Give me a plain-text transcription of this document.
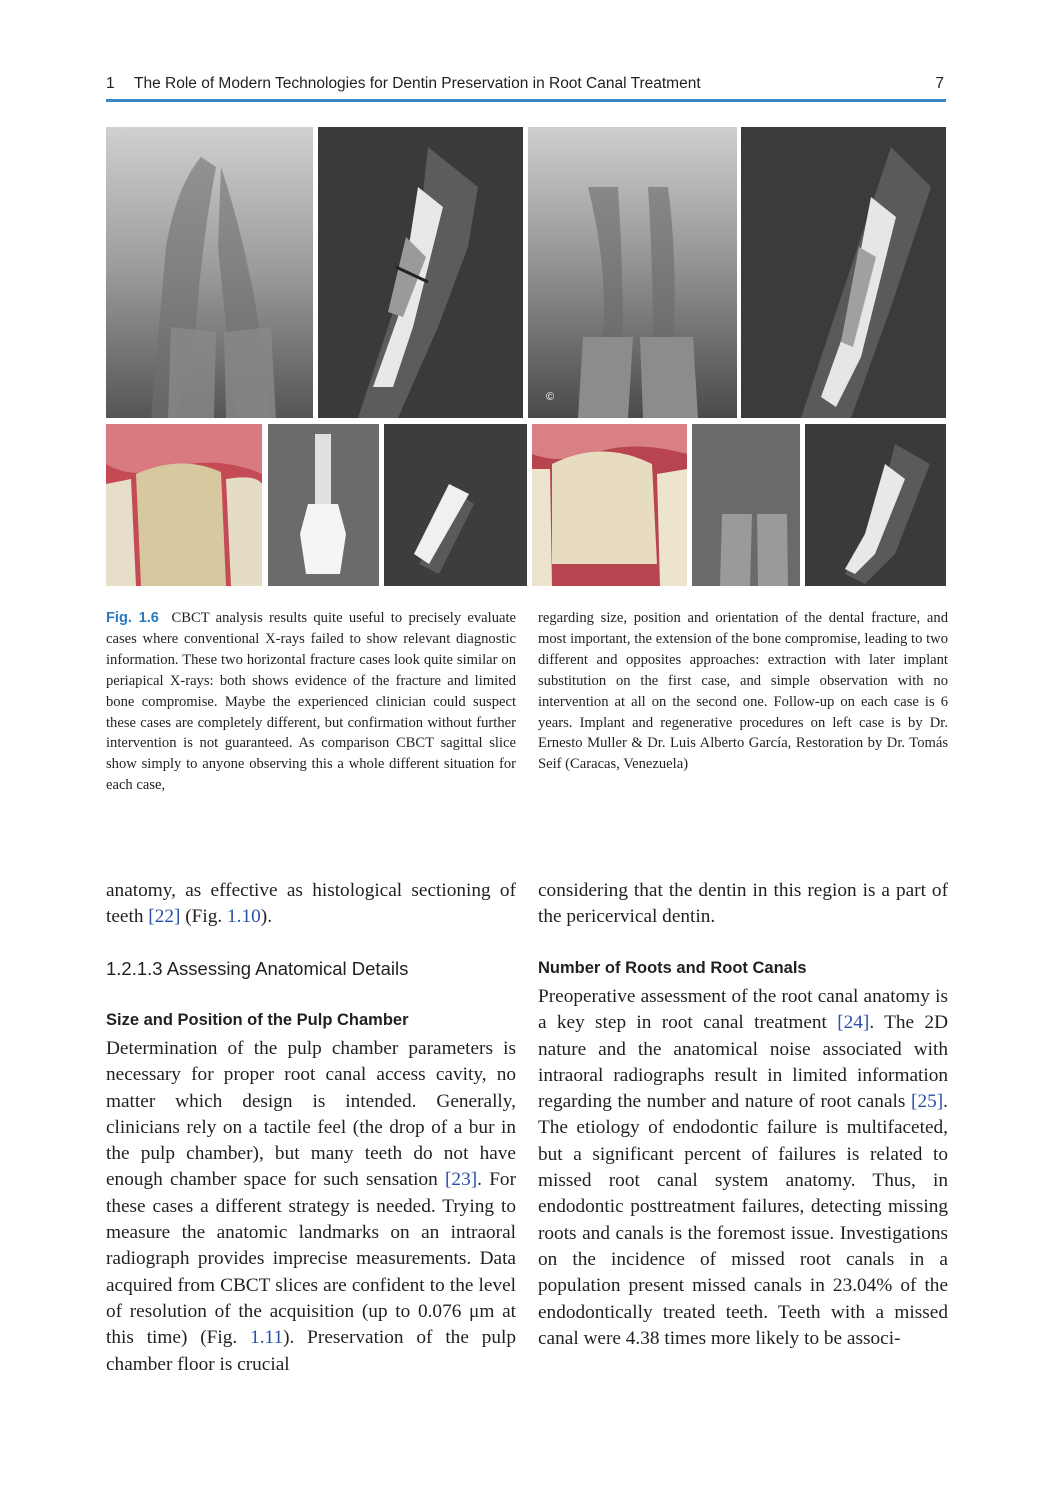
1 The Role of Modern Technologies for Dentin Preservation in Root Canal Treatment	7
©
Fig. 1.6 CBCT analysis results quite useful to precisely evaluate cases where conventional X-rays failed to show relevant diagnostic information. These two horizontal fracture cases look quite similar on periapical X-rays: both shows evidence of the fracture and limited bone compromise. Maybe the experienced clinician could suspect these cases are completely different, but confirmation without further intervention is not guaranteed. As comparison CBCT sagittal slice show simply to anyone observing this a whole different situation for each case,
regarding size, position and orientation of the dental fracture, and most important, the extension of the bone compromise, leading to two different and opposites approaches: extraction with later implant substitution on the first case, and simple observation with no intervention at all on the second one. Follow-up on each case is 6 years. Implant and regenerative procedures on left case is by Dr. Ernesto Muller & Dr. Luis Alberto García, Restoration by Dr. Tomás Seif (Caracas, Venezuela)

anatomy, as effective as histological sectioning of teeth [22] (Fig. 1.10).

1.2.1.3 Assessing Anatomical Details
Size and Position of the Pulp Chamber

Determination of the pulp chamber parameters is necessary for proper root canal access cavity, no matter which design is intended. Generally, clinicians rely on a tactile feel (the drop of a bur in the pulp chamber), but many teeth do not have enough chamber space for such sensation [23]. For these cases a different strategy is needed. Trying to measure the anatomic landmarks on an intraoral radiograph provides imprecise measurements. Data acquired from CBCT slices are confident to the level of resolution of the acquisition (up to 0.076 μm at this time) (Fig. 1.11). Preservation of the pulp chamber floor is crucial

considering that the dentin in this region is a part of the pericervical dentin.

Number of Roots and Root Canals

Preoperative assessment of the root canal anatomy is a key step in root canal treatment [24]. The 2D nature and the anatomical noise associated with intraoral radiographs result in limited information regarding the number and nature of root canals [25]. The etiology of endodontic failure is multifaceted, but a significant percent of failures is related to missed root canal system anatomy. Thus, in endodontic posttreatment failures, detecting missing roots and canals is the foremost issue. Investigations on the incidence of missed root canals in a population present missed canals in 23.04% of the endodontically treated teeth. Teeth with a missed canal were 4.38 times more likely to be associ-
